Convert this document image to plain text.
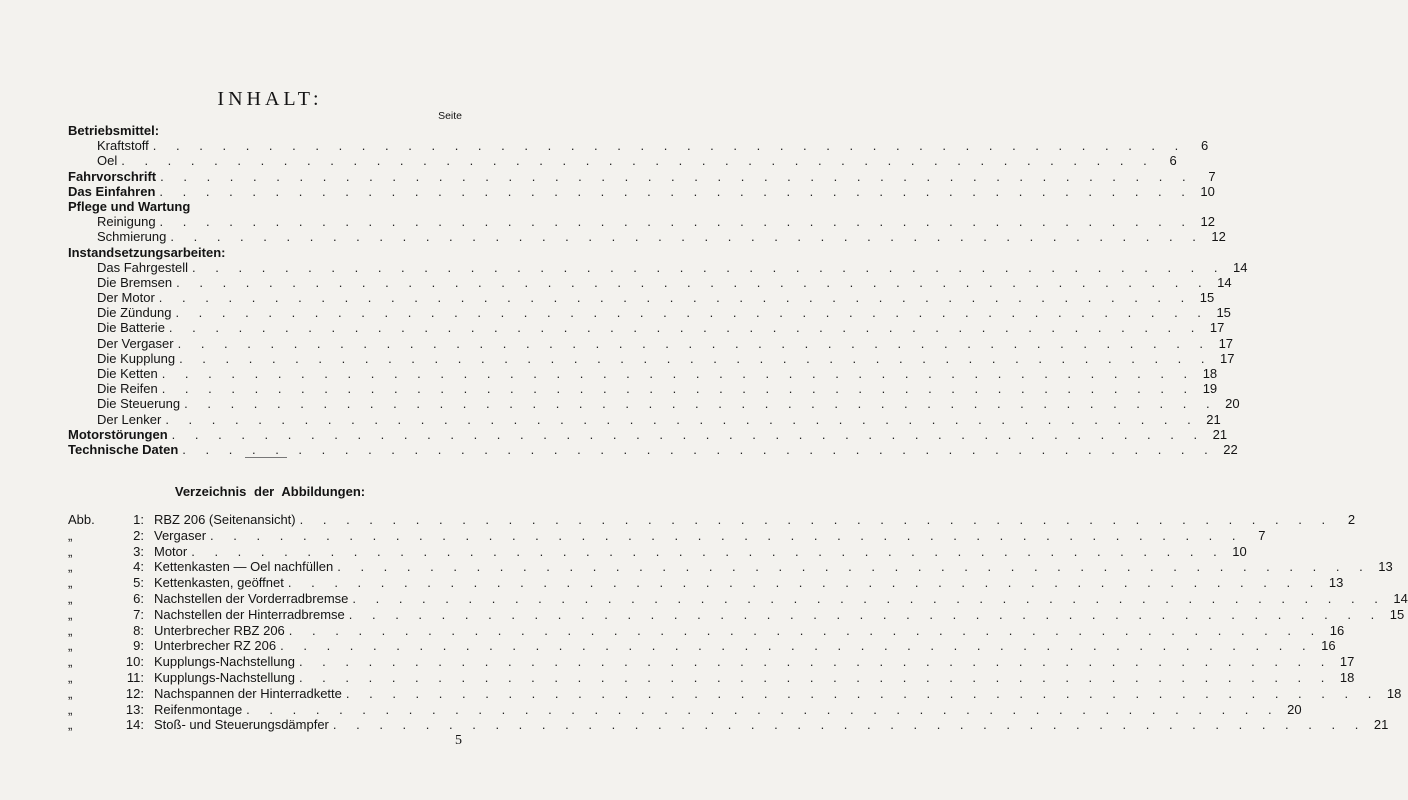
INHALT:
Seite
Betriebsmittel:
Kraftstoff . . . . . . . . . . . . . . . . . . . . . . . . . . . . . . . . . . . . . . . . . . . . .	6
Oel . . . . . . . . . . . . . . . . . . . . . . . . . . . . . . . . . . . . . . . . . . . . .	6
Fahrvorschrift . . . . . . . . . . . . . . . . . . . . . . . . . . . . . . . . . . . . . . . . . . . . .	7
Das Einfahren . . . . . . . . . . . . . . . . . . . . . . . . . . . . . . . . . . . . . . . . . . . . . 10
Pflege und Wartung
Reinigung . . . . . . . . . . . . . . . . . . . . . . . . . . . . . . . . . . . . . . . . . . . . . 12
Schmierung . . . . . . . . . . . . . . . . . . . . . . . . . . . . . . . . . . . . . . . . . . . . . 12
Instandsetzungsarbeiten:
Das Fahrgestell . . . . . . . . . . . . . . . . . . . . . . . . . . . . . . . . . . . . . . . . . . . . . 14
Die Bremsen . . . . . . . . . . . . . . . . . . . . . . . . . . . . . . . . . . . . . . . . . . . . . 14
Der Motor . . . . . . . . . . . . . . . . . . . . . . . . . . . . . . . . . . . . . . . . . . . . . 15
Die Zündung . . . . . . . . . . . . . . . . . . . . . . . . . . . . . . . . . . . . . . . . . . . . . 15
Die Batterie . . . . . . . . . . . . . . . . . . . . . . . . . . . . . . . . . . . . . . . . . . . . . 17
Der Vergaser . . . . . . . . . . . . . . . . . . . . . . . . . . . . . . . . . . . . . . . . . . . . . 17
Die Kupplung . . . . . . . . . . . . . . . . . . . . . . . . . . . . . . . . . . . . . . . . . . . . . 17
Die Ketten . . . . . . . . . . . . . . . . . . . . . . . . . . . . . . . . . . . . . . . . . . . . . 18
Die Reifen . . . . . . . . . . . . . . . . . . . . . . . . . . . . . . . . . . . . . . . . . . . . . 19
Die Steuerung . . . . . . . . . . . . . . . . . . . . . . . . . . . . . . . . . . . . . . . . . . . . . 20
Der Lenker . . . . . . . . . . . . . . . . . . . . . . . . . . . . . . . . . . . . . . . . . . . . . 21
Motorstörungen . . . . . . . . . . . . . . . . . . . . . . . . . . . . . . . . . . . . . . . . . . . . . 21
Technische Daten . . . . . . . . . . . . . . . . . . . . . . . . . . . . . . . . . . . . . . . . . . . . . 22
Verzeichnis der Abbildungen:
Abb.	1 :	RBZ 206 (Seitenansicht) . . . . . . . . . . . . . . . . . . . . . . . . . . . . . . . . . . . . . . . . . . . . .	2
„	2 :	Vergaser . . . . . . . . . . . . . . . . . . . . . . . . . . . . . . . . . . . . . . . . . . . . .	7
„	3 :	Motor . . . . . . . . . . . . . . . . . . . . . . . . . . . . . . . . . . . . . . . . . . . . . 10
„	4 :	Kettenkasten — Oel nachfüllen . . . . . . . . . . . . . . . . . . . . . . . . . . . . . . . . . . . . . . . . . . . . . 13
„	5 :	Kettenkasten, geöffnet . . . . . . . . . . . . . . . . . . . . . . . . . . . . . . . . . . . . . . . . . . . . . 13
„	6 :	Nachstellen der Vorderradbremse . . . . . . . . . . . . . . . . . . . . . . . . . . . . . . . . . . . . . . . . . . . . . 14
„	7 :	Nachstellen der Hinterradbremse . . . . . . . . . . . . . . . . . . . . . . . . . . . . . . . . . . . . . . . . . . . . . 15
„	8 :	Unterbrecher RBZ 206 . . . . . . . . . . . . . . . . . . . . . . . . . . . . . . . . . . . . . . . . . . . . . 16
„	9 :	Unterbrecher RZ 206 . . . . . . . . . . . . . . . . . . . . . . . . . . . . . . . . . . . . . . . . . . . . . 16
„	10 :	Kupplungs-Nachstellung . . . . . . . . . . . . . . . . . . . . . . . . . . . . . . . . . . . . . . . . . . . . . 17
„	11 :	Kupplungs-Nachstellung . . . . . . . . . . . . . . . . . . . . . . . . . . . . . . . . . . . . . . . . . . . . . 18
„	12 :	Nachspannen der Hinterradkette . . . . . . . . . . . . . . . . . . . . . . . . . . . . . . . . . . . . . . . . . . . . . 18
„	13 :	Reifenmontage . . . . . . . . . . . . . . . . . . . . . . . . . . . . . . . . . . . . . . . . . . . . . 20
„	14 :	Stoß- und Steuerungsdämpfer . . . . . . . . . . . . . . . . . . . . . . . . . . . . . . . . . . . . . . . . . . . . . 21
5
